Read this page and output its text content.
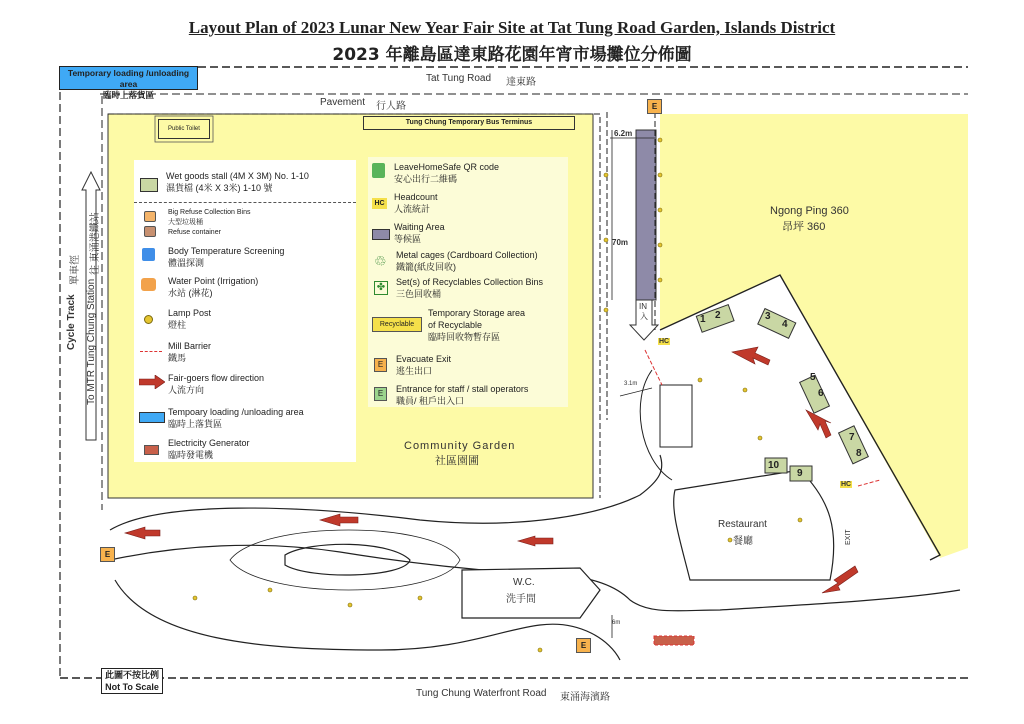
Layout Plan of 2023 Lunar New Year Fair Site at Tat Tung Road Garden, Islands District
2023 年離島區達東路花園年宵市場攤位分佈圖
Temporary loading /unloading area
臨時上落貨區
Tat Tung Road 達東路
Pavement 行人路
Tung Chung Waterfront Road 東涌海濱路
Cycle Track
單車徑
To MTR Tung Chung Station
往 東涌港鐵站
Public Toilet
Tung Chung Temporary Bus Terminus
Ngong Ping 360
昂坪 360
Community Garden
社區園圃
Restaurant
餐廳
W.C.
洗手間
IN
入
6.2m
70m
3.1m
6m
1 2	3
4
5
6
7
8
10
9
E
E
E
HC
HC
EXIT
此圖不按比例
Not To Scale
Wet goods stall (4M X 3M) No. 1-10
濕貨檔 (4米 X 3米) 1-10 號
Big Refuse Collection Bins
大型垃圾桶
Refuse container
Body Temperature Screening
體溫探測
Water Point (Irrigation)
水站 (淋花)
Lamp Post
燈柱
Mill Barrier
鐵馬
Fair-goers flow direction
人流方向
Tempoary loading /unloading area
臨時上落貨區
Electricity Generator
臨時發電機
LeaveHomeSafe QR code
安心出行二維碼
HC
Headcount
人流統計
Waiting Area
等候區
♲ Metal cages (Cardboard Collection)
鐵籠(紙皮回收)
✤	Set(s) of Recyclables Collection Bins
三色回收桶
Recyclable
Temporary Storage area
of Recyclable
臨時回收物暫存區
E
Evacuate Exit
逃生出口
E	Entrance for staff / stall operators
職員/ 租戶出入口
